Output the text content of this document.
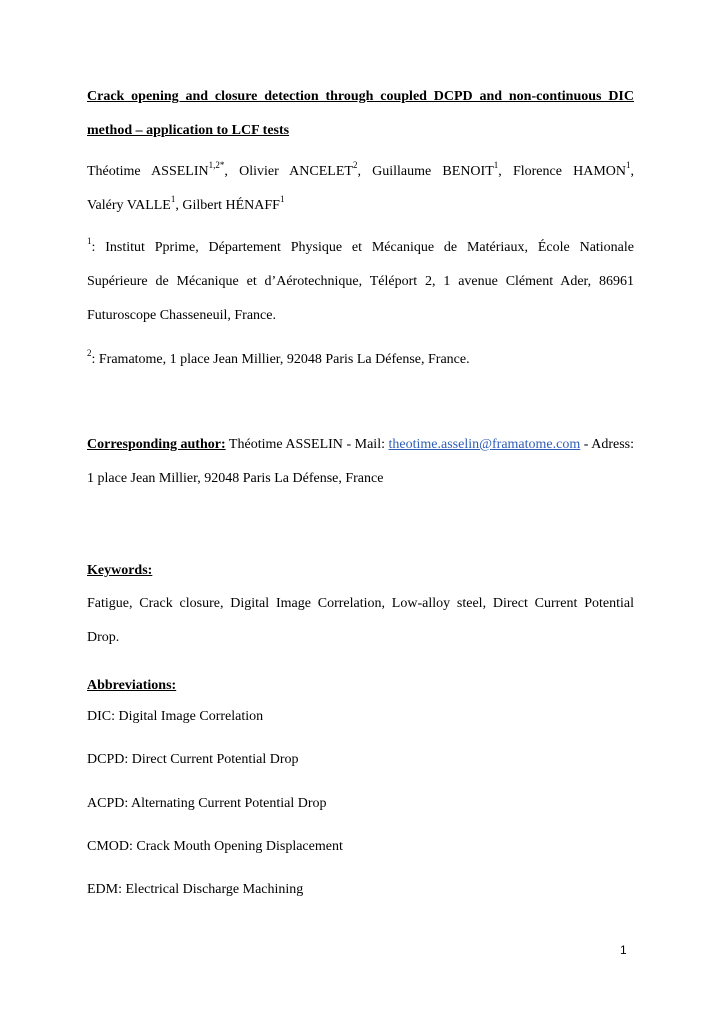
Crack opening and closure detection through coupled DCPD and non-continuous DIC

method – application to LCF tests

Théotime $ASSELIN^{1,2*}$, Olivier ANCELET$^2$, Guillaume BENOIT$^1$, Florence HAMON$^1$,

Valéry VALLE$^1$, Gilbert HÉNAFF$^1$

$^1$: Institut Pprime, Département Physique et Mécanique de Matériaux, École Nationale Supérieure de Mécanique et d’Aérotechnique, Téléport 2, 1 avenue Clément Ader, 86961 Futuroscope Chasseneuil, France.

$^2$: Framatome, 1 place Jean Millier, 92048 Paris La Défense, France.

Corresponding author: Théotime ASSELIN - Mail: theotime.asselin@framatome.com - Adress: 1 place Jean Millier, 92048 Paris La Défense, France

Keywords:

Fatigue, Crack closure, Digital Image Correlation, Low-alloy steel, Direct Current Potential Drop.

Abbreviations:

DIC: Digital Image Correlation

DCPD: Direct Current Potential Drop

ACPD: Alternating Current Potential Drop

CMOD: Crack Mouth Opening Displacement

EDM: Electrical Discharge Machining

1
